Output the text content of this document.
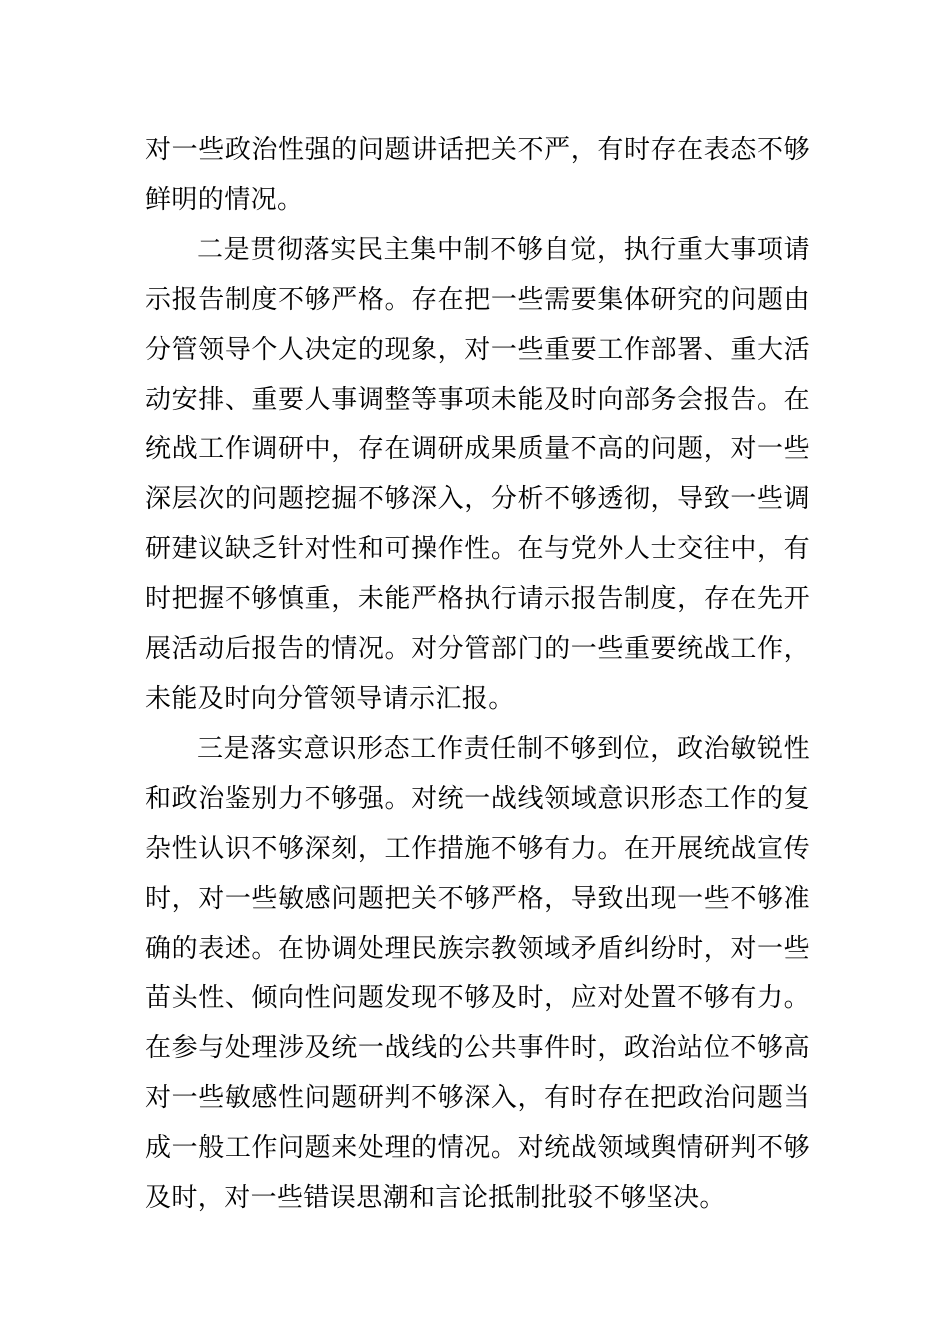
对一些政治性强的问题讲话把关不严，有时存在表态不够鲜明的情况。

二是贯彻落实民主集中制不够自觉，执行重大事项请示报告制度不够严格。存在把一些需要集体研究的问题由分管领导个人决定的现象，对一些重要工作部署、重大活动安排、重要人事调整等事项未能及时向部务会报告。在统战工作调研中，存在调研成果质量不高的问题，对一些深层次的问题挖掘不够深入，分析不够透彻，导致一些调研建议缺乏针对性和可操作性。在与党外人士交往中，有时把握不够慎重，未能严格执行请示报告制度，存在先开展活动后报告的情况。对分管部门的一些重要统战工作，未能及时向分管领导请示汇报。

三是落实意识形态工作责任制不够到位，政治敏锐性和政治鉴别力不够强。对统一战线领域意识形态工作的复杂性认识不够深刻，工作措施不够有力。在开展统战宣传时，对一些敏感问题把关不够严格，导致出现一些不够准确的表述。在协调处理民族宗教领域矛盾纠纷时，对一些苗头性、倾向性问题发现不够及时，应对处置不够有力。在参与处理涉及统一战线的公共事件时，政治站位不够高对一些敏感性问题研判不够深入，有时存在把政治问题当成一般工作问题来处理的情况。对统战领域舆情研判不够及时，对一些错误思潮和言论抵制批驳不够坚决。
